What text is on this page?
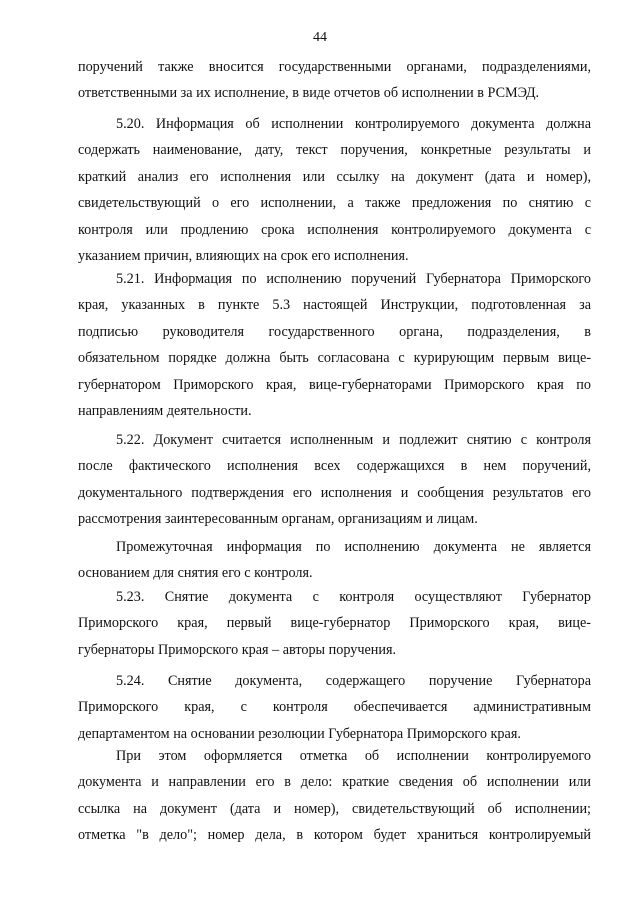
44
поручений также вносится государственными органами, подразделениями,
ответственными за их исполнение, в виде отчетов об исполнении в РСМЭД.
5.20. Информация об исполнении контролируемого документа должна
содержать наименование, дату, текст поручения, конкретные результаты и
краткий анализ его исполнения или ссылку на документ (дата и номер),
свидетельствующий о его исполнении, а также предложения по снятию с
контроля или продлению срока исполнения контролируемого документа с
указанием причин, влияющих на срок его исполнения.
5.21. Информация по исполнению поручений Губернатора Приморского
края, указанных в пункте 5.3 настоящей Инструкции, подготовленная за
подписью руководителя государственного органа, подразделения, в
обязательном порядке должна быть согласована с курирующим первым вице-
губернатором Приморского края, вице-губернаторами Приморского края по
направлениям деятельности.
5.22. Документ считается исполненным и подлежит снятию с контроля
после фактического исполнения всех содержащихся в нем поручений,
документального подтверждения его исполнения и сообщения результатов его
рассмотрения заинтересованным органам, организациям и лицам.
Промежуточная информация по исполнению документа не является
основанием для снятия его с контроля.
5.23. Снятие документа с контроля осуществляют Губернатор
Приморского края, первый вице-губернатор Приморского края, вице-
губернаторы Приморского края – авторы поручения.
5.24. Снятие документа, содержащего поручение Губернатора
Приморского края, с контроля обеспечивается административным
департаментом на основании резолюции Губернатора Приморского края.
При этом оформляется отметка об исполнении контролируемого
документа и направлении его в дело: краткие сведения об исполнении или
ссылка на документ (дата и номер), свидетельствующий об исполнении;
отметка "в дело"; номер дела, в котором будет храниться контролируемый
